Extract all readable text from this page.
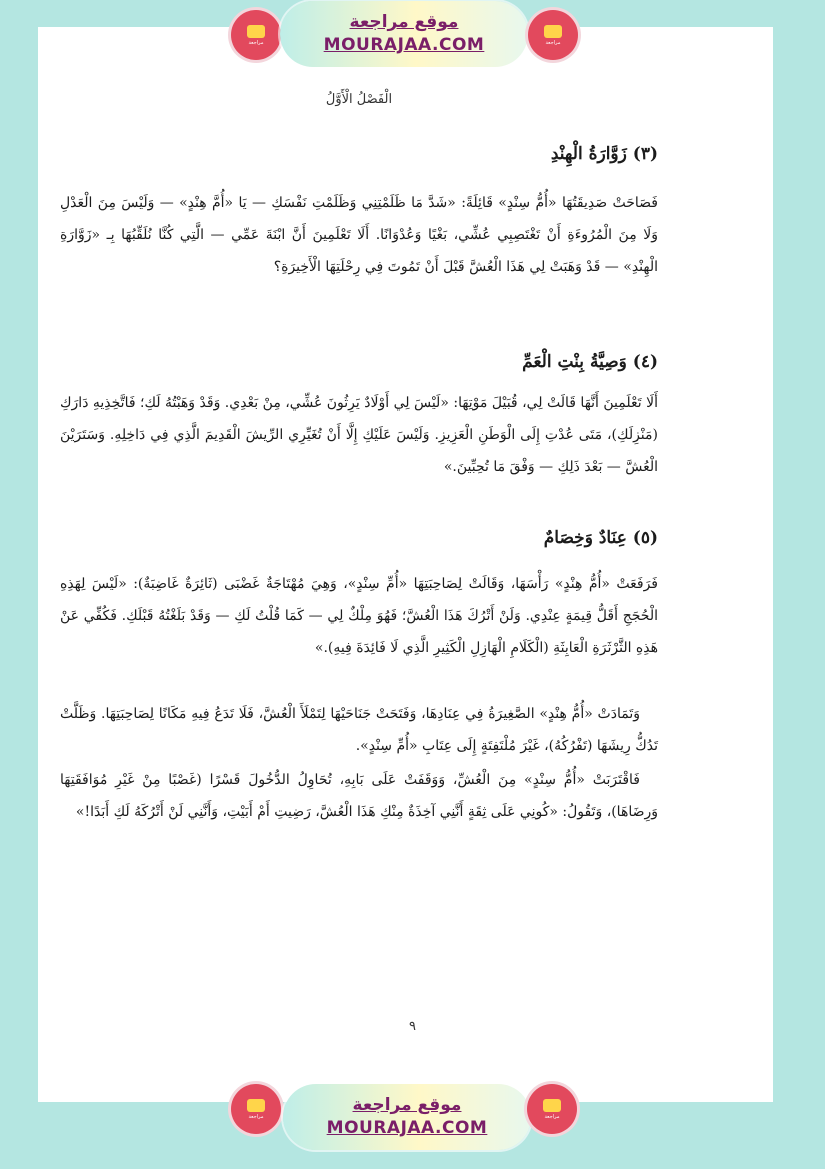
مراجعة
موقع مراجعة
MOURAJAA.COM	مراجعة
الْفَصْلُ الْأَوَّلُ
(٣) زَوَّارَةُ الْهِنْدِ
فَصَاحَتْ صَدِيقَتُهَا «أُمُّ سِنْدٍ» قَائِلَةً: «شَدَّ مَا ظَلَمْتِنِي وَظَلَمْتِ نَفْسَكِ — يَا «أُمَّ هِنْدٍ» — وَلَيْسَ مِنَ الْعَدْلِ وَلَا مِنَ الْمُرُوءَةِ أَنْ تَغْتَصِبِي عُشِّي، بَغْيًا وَعُدْوَانًا. أَلَا تَعْلَمِينَ أَنَّ ابْنَةَ عَمِّي — الَّتِي كُنَّا نُلَقِّبُهَا بِـ «زَوَّارَةِ الْهِنْدِ» — قَدْ وَهَبَتْ لِي هَذَا الْعُشَّ قَبْلَ أَنْ تَمُوتَ فِي رِحْلَتِهَا الْأَخِيرَةِ؟
(٤) وَصِيَّةُ بِنْتِ الْعَمِّ
أَلَا تَعْلَمِينَ أَنَّهَا قَالَتْ لِي، قُبَيْلَ مَوْتِهَا: «لَيْسَ لِي أَوْلَادٌ يَرِثُونَ عُشِّي، مِنْ بَعْدِي. وَقَدْ وَهَبْتُهُ لَكِ؛ فَاتَّخِذِيهِ دَارَكِ (مَنْزِلَكِ)، مَتَى عُدْتِ إِلَى الْوَطَنِ الْعَزِيزِ. وَلَيْسَ عَلَيْكِ إِلَّا أَنْ تُغَيِّرِي الرِّيشَ الْقَدِيمَ الَّذِي فِي دَاخِلِهِ. وَسَتَرَيْنَ الْعُشَّ — بَعْدَ ذَلِكِ — وَفْقَ مَا تُحِبِّينَ.»
(٥) عِنَادٌ وَخِصَامٌ
فَرَفَعَتْ «أُمُّ هِنْدٍ» رَأْسَهَا، وَقَالَتْ لِصَاحِبَتِهَا «أُمِّ سِنْدٍ»، وَهِيَ مُهْتَاجَةٌ غَضْبَى (ثَائِرَةٌ غَاضِبَةٌ): «لَيْسَ لِهَذِهِ الْحُجَجِ أَقَلُّ قِيمَةٍ عِنْدِي. وَلَنْ أَتْرُكَ هَذَا الْعُشَّ؛ فَهُوَ مِلْكٌ لِي — كَمَا قُلْتُ لَكِ — وَقَدْ بَلَغْتُهُ قَبْلَكِ. فَكُفِّي عَنْ هَذِهِ الثَّرْثَرَةِ الْعَابِثَةِ (الْكَلَامِ الْهَازِلِ الْكَثِيرِ الَّذِي لَا فَائِدَةَ فِيهِ).»
وَتَمَادَتْ «أُمُّ هِنْدٍ» الصَّغِيرَةُ فِي عِنَادِهَا، وَفَتَحَتْ جَنَاحَيْهَا لِتَمْلَأَ الْعُشَّ، فَلَا تَدَعُ فِيهِ مَكَانًا لِصَاحِبَتِهَا. وَظَلَّتْ تَدُكُّ رِيشَهَا (تَفْرُكُهُ)، غَيْرَ مُلْتَفِتَةٍ إِلَى عِتَابِ «أُمِّ سِنْدٍ».
فَاقْتَرَبَتْ «أُمُّ سِنْدٍ» مِنَ الْعُشِّ، وَوَقَفَتْ عَلَى بَابِهِ، تُحَاوِلُ الدُّخُولَ قَسْرًا (غَصْبًا مِنْ غَيْرِ مُوَافَقَتِهَا وَرِضَاهَا)، وَتَقُولُ: «كُونِي عَلَى ثِقَةٍ أَنَّنِي آخِذَةٌ مِنْكِ هَذَا الْعُشَّ، رَضِيتِ أَمْ أَبَيْتِ، وَأَنَّنِي لَنْ أَتْرُكَهُ لَكِ أَبَدًا!»
٩
مراجعة
موقع مراجعة
MOURAJAA.COM
مراجعة
